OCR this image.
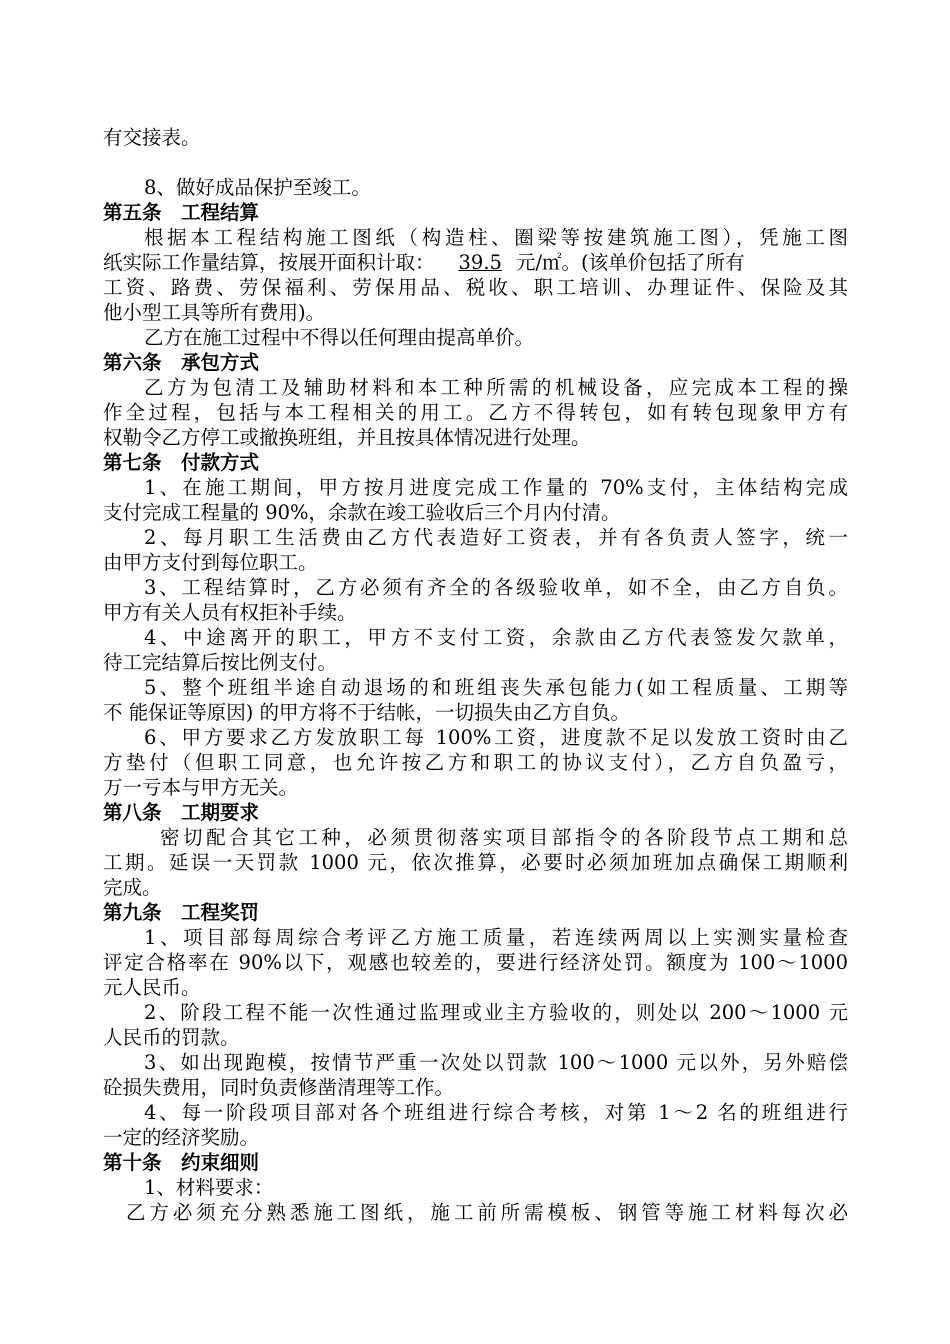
有交接表。
8、做好成品保护至竣工。
第五条　工程结算
根据本工程结构施工图纸（构造柱、圈梁等按建筑施工图），凭施工图
纸实际工作量结算，按展开面积计取： 39.5 元/㎡。(该单价包括了所有
工资、路费、劳保福利、劳保用品、税收、职工培训、办理证件、保险及其
他小型工具等所有费用)。
乙方在施工过程中不得以任何理由提高单价。
第六条　承包方式
乙方为包清工及辅助材料和本工种所需的机械设备，应完成本工程的操
作全过程，包括与本工程相关的用工。乙方不得转包，如有转包现象甲方有
权勒令乙方停工或撤换班组，并且按具体情况进行处理。
第七条　付款方式
1、在施工期间，甲方按月进度完成工作量的 70%支付，主体结构完成
支付完成工程量的 90%，余款在竣工验收后三个月内付清。
2、每月职工生活费由乙方代表造好工资表，并有各负责人签字，统一
由甲方支付到每位职工。
3、工程结算时，乙方必须有齐全的各级验收单，如不全，由乙方自负。
甲方有关人员有权拒补手续。
4、中途离开的职工，甲方不支付工资，余款由乙方代表签发欠款单，
待工完结算后按比例支付。
5、整个班组半途自动退场的和班组丧失承包能力(如工程质量、工期等
不 能保证等原因) 的甲方将不于结帐，一切损失由乙方自负。
6、甲方要求乙方发放职工每 100%工资，进度款不足以发放工资时由乙
方垫付（但职工同意，也允许按乙方和职工的协议支付），乙方自负盈亏，
万一亏本与甲方无关。
第八条　工期要求
密切配合其它工种，必须贯彻落实项目部指令的各阶段节点工期和总
工期。延误一天罚款 1000 元，依次推算，必要时必须加班加点确保工期顺利
完成。
第九条　工程奖罚
1、项目部每周综合考评乙方施工质量，若连续两周以上实测实量检查
评定合格率在 90%以下，观感也较差的，要进行经济处罚。额度为 100～1000
元人民币。
2、阶段工程不能一次性通过监理或业主方验收的，则处以 200～1000 元
人民币的罚款。
3、如出现跑模，按情节严重一次处以罚款 100～1000 元以外，另外赔偿
砼损失费用，同时负责修凿清理等工作。
4、每一阶段项目部对各个班组进行综合考核，对第 1～2 名的班组进行
一定的经济奖励。
第十条　约束细则
1、材料要求：
乙方必须充分熟悉施工图纸，施工前所需模板、钢管等施工材料每次必
